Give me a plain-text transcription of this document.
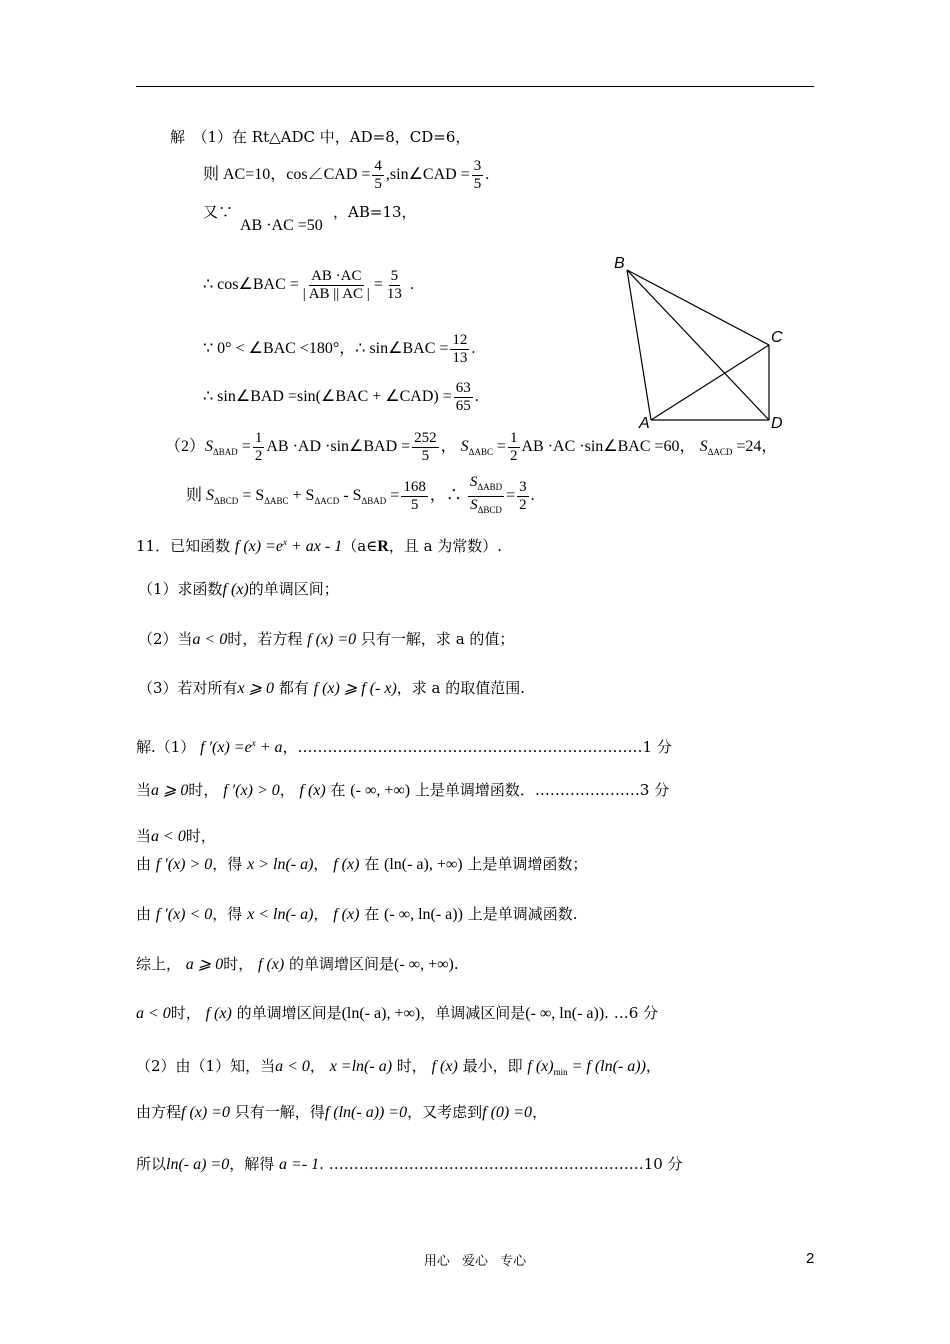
解　（1）在 Rt△ADC 中，AD=8，CD=6，
则 AC=10，cos∠CAD = $\frac{4}{5}$ ,sin∠CAD = $\frac{3}{5}$ .
又∵	，AB=13，
AB ·AC =50
∴ cos∠BAC = $\frac{AB \cdot AC}{| AB || AC |} = \frac{5}{13}$ .
∵ 0° < ∠BAC <180°，∴ sin∠BAC = $\frac{12}{13}$ .
∴ sin∠BAD =sin(∠BAC + ∠CAD) = $\frac{63}{65}$ .
$(2)S_{\Delta BAD} = \frac{1}{2}$ AB ·AD ·sin∠BAD = $\frac{252}{5}$ ， $S_{\Delta ABC} = \frac{1}{2}$ AB ·AC ·sin∠BAC =60， $S_{\Delta ACD} =24$，
则 $S_{\Delta BCD} = S_{\Delta ABC} + S_{\Delta ACD} - S_{\Delta BAD} = \frac{168}{5}$ ，∴ $\frac{S_{\Delta ABD}}{S_{\Delta BCD}} = \frac{3}{2}$ .
B
C
A	D
11．已知函数 f $(x) =e^x$ + ax - 1（a∈R，且 a 为常数）.
（1）求函数f (x)的单调区间；
（2）当a < 0时，若方程 f (x) =0 只有一解，求 a 的值；
（3）若对所有x ⩾ 0 都有 f (x) ⩾ f (- x)，求 a 的取值范围.
解.（1） f $'(x) =e^x + a$，……………………………………………………………1 分
当a ⩾ 0时， f ′(x) > 0， f (x) 在 (- ∞, +∞) 上是单调增函数．…………………3 分
当a < 0时，
由 f ′(x) > 0，得 x > ln(- a)， f (x) 在 (ln(- a), +∞) 上是单调增函数；
由 f ′(x) < 0，得 x < ln(- a)， f (x) 在 (- ∞, ln(- a)) 上是单调减函数.
综上， a ⩾ 0时， f (x) 的单调增区间是(- ∞, +∞).
a < 0时， f (x) 的单调增区间是(ln(- a), +∞)，单调减区间是(- ∞, ln(- a)). …6 分
（2）由（1）知，当a < 0， x =ln(- a) 时， f (x) 最小，即 f $(x)_{min} = f$ (ln(- a))，
由方程f (x) =0 只有一解，得f (ln(- a)) =0，又考虑到f (0) =0，
所以ln(- a) =0，解得 a =- 1. ………………………………………………………10 分
用心 爱心 专心	2
